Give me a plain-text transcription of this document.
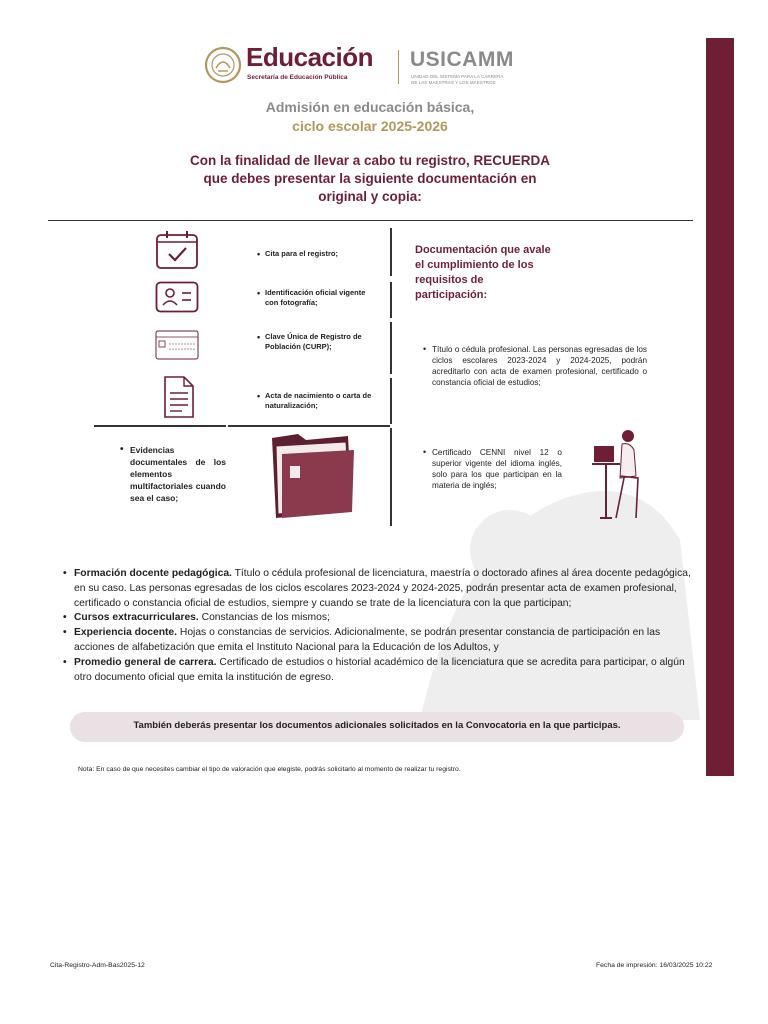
Educación
Secretaría de Educación Pública
USICAMM
UNIDAD DEL SISTEMA PARA LA CARRERA
DE LAS MAESTRAS Y LOS MAESTROS
Admisión en educación básica,
ciclo escolar 2025-2026
Con la finalidad de llevar a cabo tu registro, RECUERDA
que debes presentar la siguiente documentación en
original y copia:
• Cita para el registro;
• Identificación oficial vigente con fotografía;
• Clave Única de Registro de Población (CURP);
• Acta de nacimiento o carta de naturalización;
• Evidencias documentales de los elementos multifactoriales cuando sea el caso;
Documentación que avale el cumplimiento de los requisitos de participación:
• Título o cédula profesional. Las personas egresadas de los ciclos escolares 2023-2024 y 2024-2025, podrán acreditarlo con acta de examen profesional, certificado o constancia oficial de estudios;
• Certificado CENNI nivel 12 o superior vigente del idioma inglés, solo para los que participan en la materia de inglés;
• Formación docente pedagógica. Título o cédula profesional de licenciatura, maestría o doctorado afines al área docente pedagógica, en su caso. Las personas egresadas de los ciclos escolares 2023-2024 y 2024-2025, podrán presentar acta de examen profesional, certificado o constancia oficial de estudios, siempre y cuando se trate de la licenciatura con la que participan;
• Cursos extracurriculares. Constancias de los mismos;
• Experiencia docente. Hojas o constancias de servicios. Adicionalmente, se podrán presentar constancia de participación en las acciones de alfabetización que emita el Instituto Nacional para la Educación de los Adultos, y
• Promedio general de carrera. Certificado de estudios o historial académico de la licenciatura que se acredita para participar, o algún otro documento oficial que emita la institución de egreso.
También deberás presentar los documentos adicionales solicitados en la Convocatoria en la que participas.
Nota: En caso de que necesites cambiar el tipo de valoración que elegiste, podrás solicitarlo al momento de realizar tu registro.
Cita-Registro-Adm-Bas2025-12	Fecha de impresión: 16/03/2025 10:22
